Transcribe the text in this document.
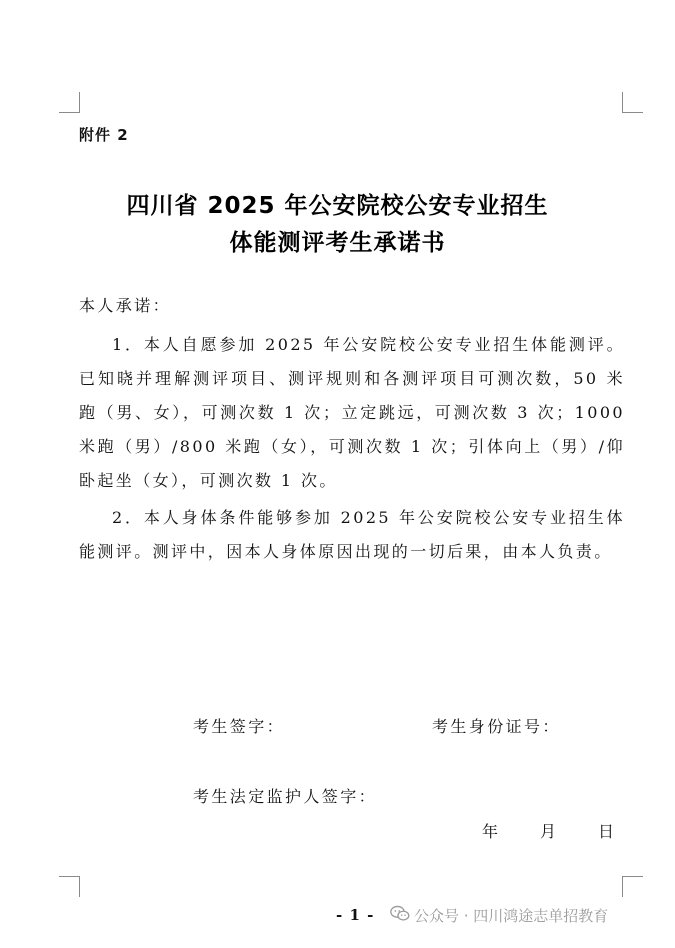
附件 2
四川省 2025 年公安院校公安专业招生
体能测评考生承诺书
本人承诺：
1．本人自愿参加 2025 年公安院校公安专业招生体能测评。已知晓并理解测评项目、测评规则和各测评项目可测次数，50 米跑（男、女），可测次数 1 次；立定跳远，可测次数 3 次；1000 米跑（男）/800 米跑（女），可测次数 1 次；引体向上（男）/仰卧起坐（女），可测次数 1 次。
2．本人身体条件能够参加 2025 年公安院校公安专业招生体能测评。测评中，因本人身体原因出现的一切后果，由本人负责。
考生签字：	考生身份证号：
考生法定监护人签字：
年	月	日
- 1 -	公众号 · 四川鸿途志单招教育
